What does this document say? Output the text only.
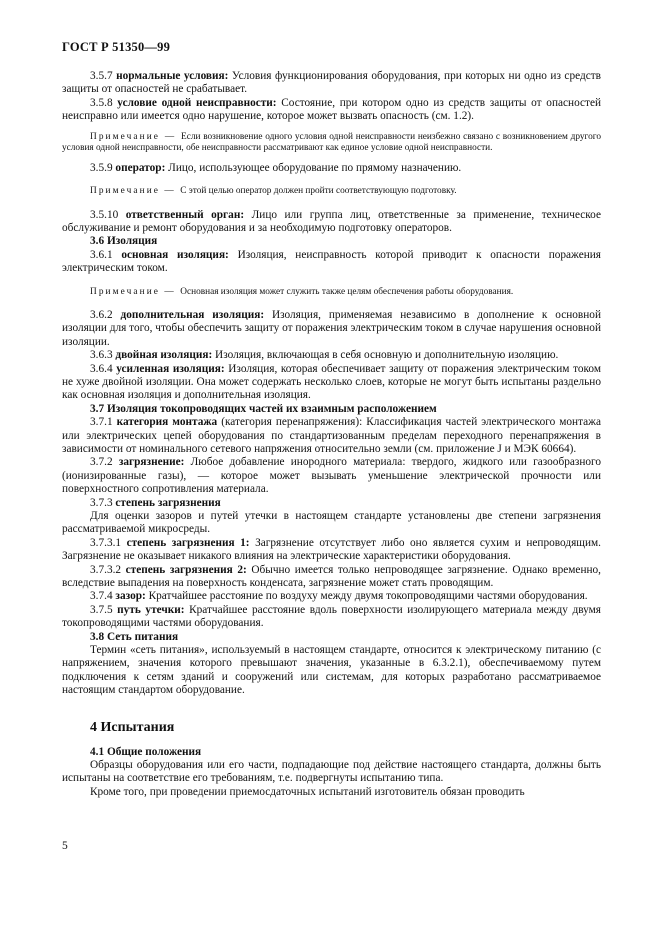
ГОСТ Р 51350—99

3.5.7 нормальные условия: Условия функционирования оборудования, при которых ни одно из средств защиты от опасностей не срабатывает.

3.5.8 условие одной неисправности: Состояние, при котором одно из средств защиты от опасностей неисправно или имеется одно нарушение, которое может вызвать опасность (см. 1.2).

Примечание — Если возникновение одного условия одной неисправности неизбежно связано с возникновением другого условия одной неисправности, обе неисправности рассматривают как единое условие одной неисправности.

3.5.9 оператор: Лицо, использующее оборудование по прямому назначению.

Примечание — С этой целью оператор должен пройти соответствующую подготовку.

3.5.10 ответственный орган: Лицо или группа лиц, ответственные за применение, техническое обслуживание и ремонт оборудования и за необходимую подготовку операторов.

3.6 Изоляция

3.6.1 основная изоляция: Изоляция, неисправность которой приводит к опасности поражения электрическим током.

Примечание — Основная изоляция может служить также целям обеспечения работы оборудования.

3.6.2 дополнительная изоляция: Изоляция, применяемая независимо в дополнение к основной изоляции для того, чтобы обеспечить защиту от поражения электрическим током в случае нарушения основной изоляции.

3.6.3 двойная изоляция: Изоляция, включающая в себя основную и дополнительную изоляцию.

3.6.4 усиленная изоляция: Изоляция, которая обеспечивает защиту от поражения электрическим током не хуже двойной изоляции. Она может содержать несколько слоев, которые не могут быть испытаны раздельно как основная изоляция и дополнительная изоляция.

3.7 Изоляция токопроводящих частей их взаимным расположением

3.7.1 категория монтажа (категория перенапряжения): Классификация частей электрического монтажа или электрических цепей оборудования по стандартизованным пределам переходного перенапряжения в зависимости от номинального сетевого напряжения относительно земли (см. приложение J и МЭК 60664).

3.7.2 загрязнение: Любое добавление инородного материала: твердого, жидкого или газообразного (ионизированные газы), — которое может вызывать уменьшение электрической прочности или поверхностного сопротивления материала.

3.7.3 степень загрязнения

Для оценки зазоров и путей утечки в настоящем стандарте установлены две степени загрязнения рассматриваемой микросреды.

3.7.3.1 степень загрязнения 1: Загрязнение отсутствует либо оно является сухим и непроводящим. Загрязнение не оказывает никакого влияния на электрические характеристики оборудования.

3.7.3.2 степень загрязнения 2: Обычно имеется только непроводящее загрязнение. Однако временно, вследствие выпадения на поверхность конденсата, загрязнение может стать проводящим.

3.7.4 зазор: Кратчайшее расстояние по воздуху между двумя токопроводящими частями оборудования.

3.7.5 путь утечки: Кратчайшее расстояние вдоль поверхности изолирующего материала между двумя токопроводящими частями оборудования.

3.8 Сеть питания

Термин «сеть питания», используемый в настоящем стандарте, относится к электрическому питанию (с напряжением, значения которого превышают значения, указанные в 6.3.2.1), обеспечиваемому путем подключения к сетям зданий и сооружений или системам, для которых разработано рассматриваемое настоящим стандартом оборудование.

4 Испытания

4.1 Общие положения

Образцы оборудования или его части, подпадающие под действие настоящего стандарта, должны быть испытаны на соответствие его требованиям, т.е. подвергнуты испытанию типа.

Кроме того, при проведении приемосдаточных испытаний изготовитель обязан проводить

5
